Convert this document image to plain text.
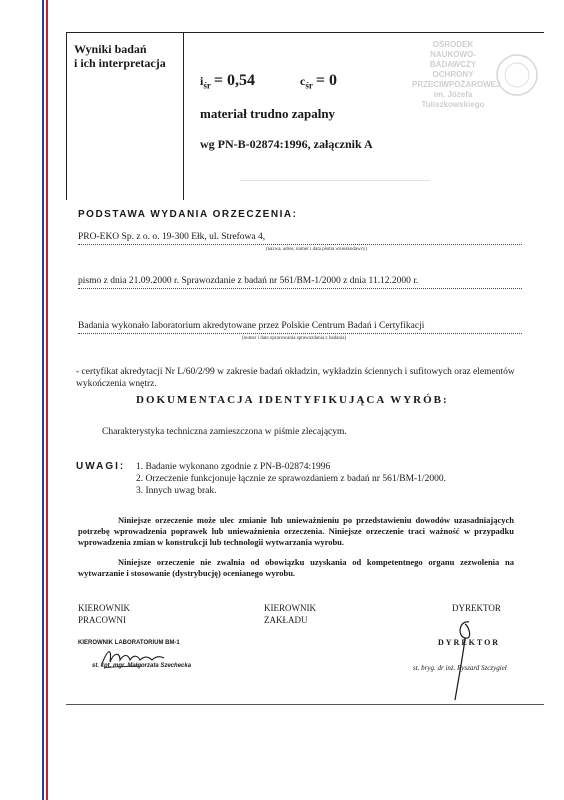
Wyniki badań
i ich interpretacja
OŚRODEK
NAUKOWO-BADAWCZY
OCHRONY
PRZECIWPOŻAROWEJ
im. Józefa Tuliszkowskiego
$i_{śr} = 0,54$	$c_{śr} = 0$
materiał trudno zapalny
wg PN-B-02874:1996, załącznik A
PODSTAWA WYDANIA ORZECZENIA:
PRO-EKO Sp. z o. o. 19-300 Ełk, ul. Strefowa 4,
(nazwa, adres, numer i data pisma wnioskodawcy)
pismo z dnia 21.09.2000 r. Sprawozdanie z badań nr 561/BM-1/2000 z dnia 11.12.2000 r.
Badania wykonało laboratorium akredytowane przez Polskie Centrum Badań i Certyfikacji
(numer i data opracowania sprawozdania z badania)
- certyfikat akredytacji Nr L/60/2/99 w zakresie badań okładzin, wykładzin ściennych i sufitowych oraz elementów wykończenia wnętrz.
DOKUMENTACJA IDENTYFIKUJĄCA WYRÓB:
Charakterystyka techniczna zamieszczona w piśmie zlecającym.
UWAGI: 1. Badanie wykonano zgodnie z PN-B-02874:1996
2. Orzeczenie funkcjonuje łącznie ze sprawozdaniem z badań nr 561/BM-1/2000.
3. Innych uwag brak.
Niniejsze orzeczenie może ulec zmianie lub unieważnieniu po przedstawieniu dowodów uzasadniających potrzebę wprowadzenia poprawek lub unieważnienia orzeczenia. Niniejsze orzeczenie traci ważność w przypadku wprowadzenia zmian w konstrukcji lub technologii wytwarzania wyrobu.
Niniejsze orzeczenie nie zwalnia od obowiązku uzyskania od kompetentnego organu zezwolenia na wytwarzanie i stosowanie (dystrybucję) ocenianego wyrobu.
KIEROWNIK
PRACOWNI
KIEROWNIK
ZAKŁADU
DYREKTOR
KIEROWNIK LABORATORIUM BM-1
st. kpt. mgr. Małgorzata Szechecka
DYREKTOR
st. bryg. dr inż. Ryszard Szczygieł
